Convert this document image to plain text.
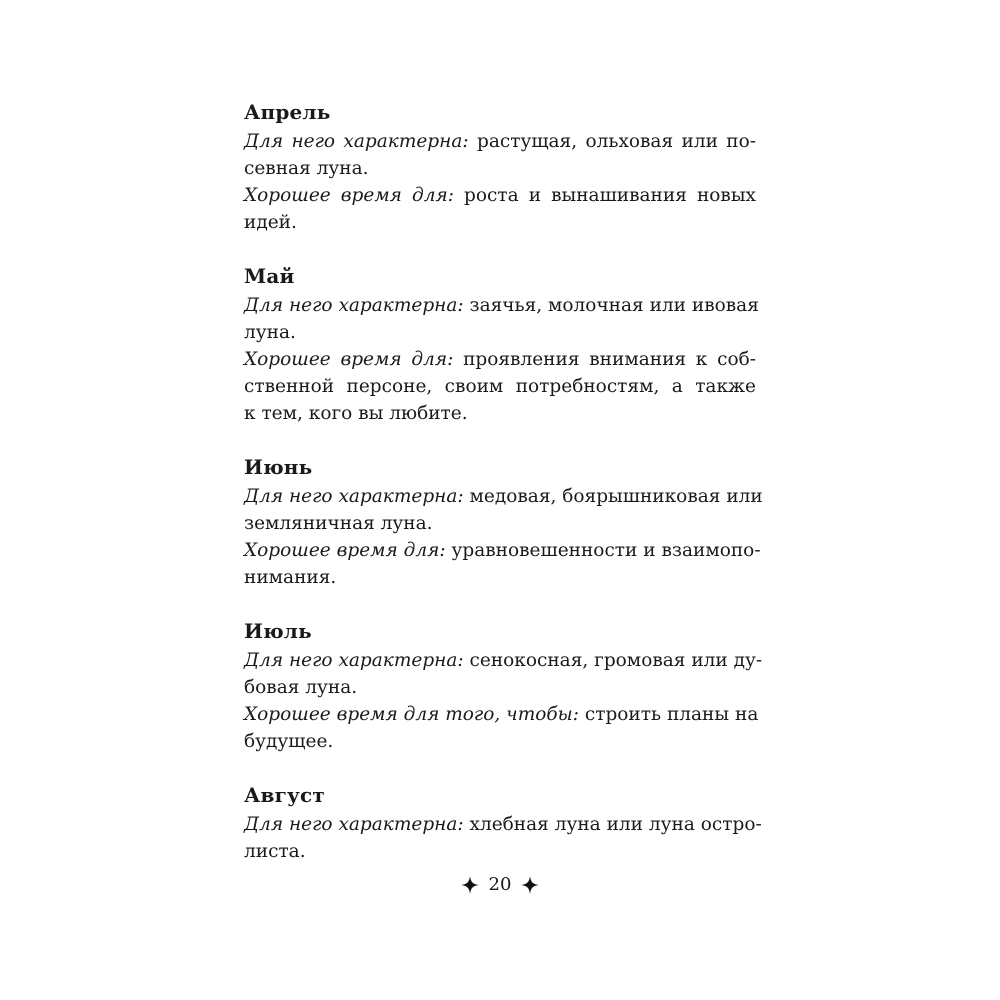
Апрель
Для него характерна: растущая, ольховая или по-
севная луна.
Хорошее время для: роста и вынашивания новых
идей.
Май
Для него характерна: заячья, молочная или ивовая
луна.
Хорошее время для: проявления внимания к соб-
ственной персоне, своим потребностям, а также
к тем, кого вы любите.
Июнь
Для него характерна: медовая, боярышниковая или
земляничная луна.
Хорошее время для: уравновешенности и взаимопо-
нимания.
Июль
Для него характерна: сенокосная, громовая или ду-
бовая луна.
Хорошее время для того, чтобы: строить планы на
будущее.
Август
Для него характерна: хлебная луна или луна остро-
листа.
20
